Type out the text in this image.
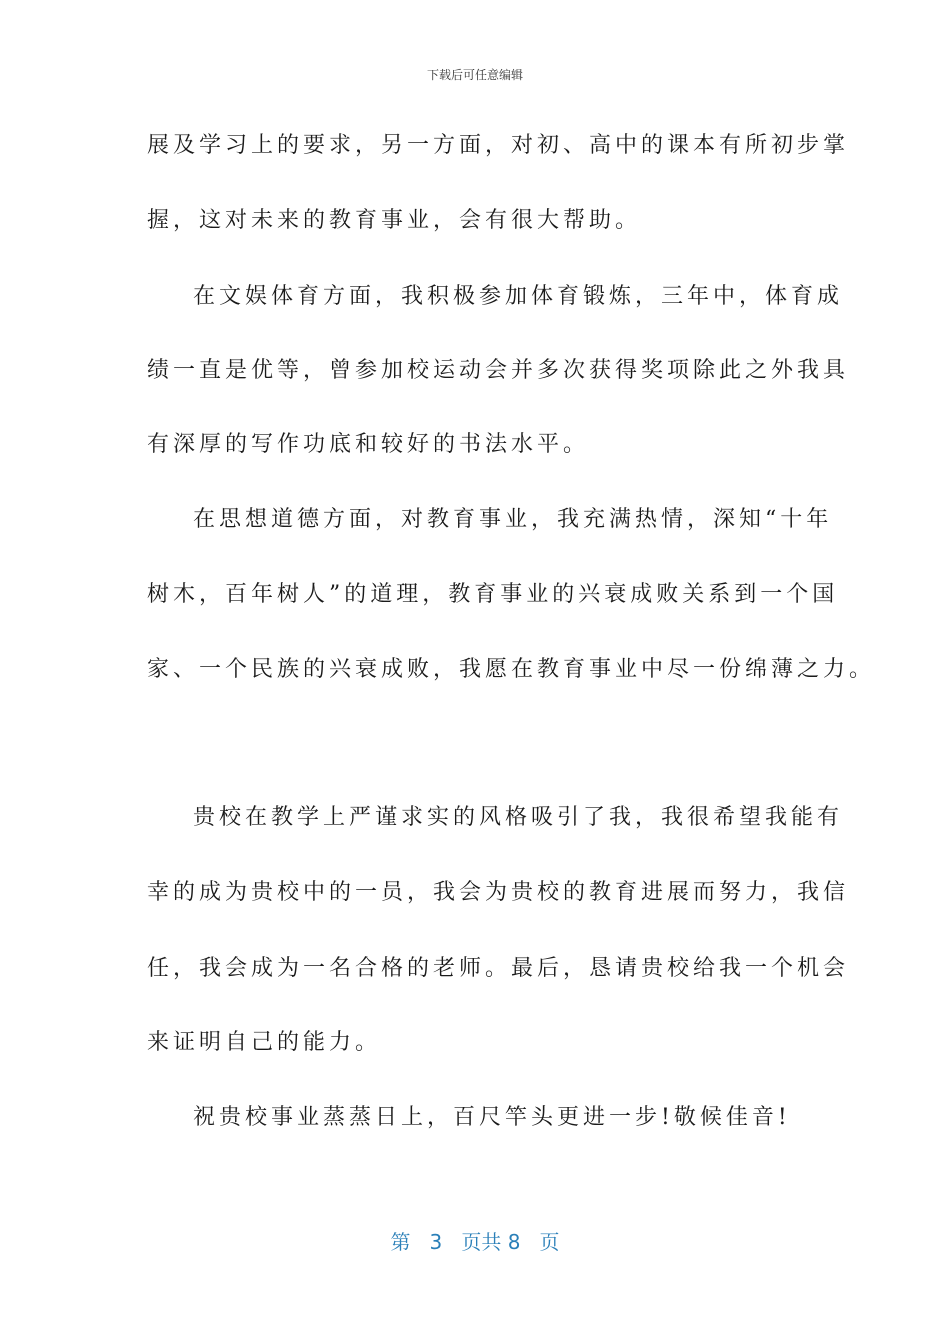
下载后可任意编辑
展及学习上的要求，另一方面，对初、高中的课本有所初步掌
握，这对未来的教育事业，会有很大帮助。
在文娱体育方面，我积极参加体育锻炼，三年中，体育成
绩一直是优等，曾参加校运动会并多次获得奖项除此之外我具
有深厚的写作功底和较好的书法水平。
在思想道德方面，对教育事业，我充满热情，深知“十年
树木，百年树人”的道理，教育事业的兴衰成败关系到一个国
家、一个民族的兴衰成败，我愿在教育事业中尽一份绵薄之力。
贵校在教学上严谨求实的风格吸引了我，我很希望我能有
幸的成为贵校中的一员，我会为贵校的教育进展而努力，我信
任，我会成为一名合格的老师。最后，恳请贵校给我一个机会
来证明自己的能力。
祝贵校事业蒸蒸日上，百尺竿头更进一步!敬候佳音!
第 3 页共 8 页
